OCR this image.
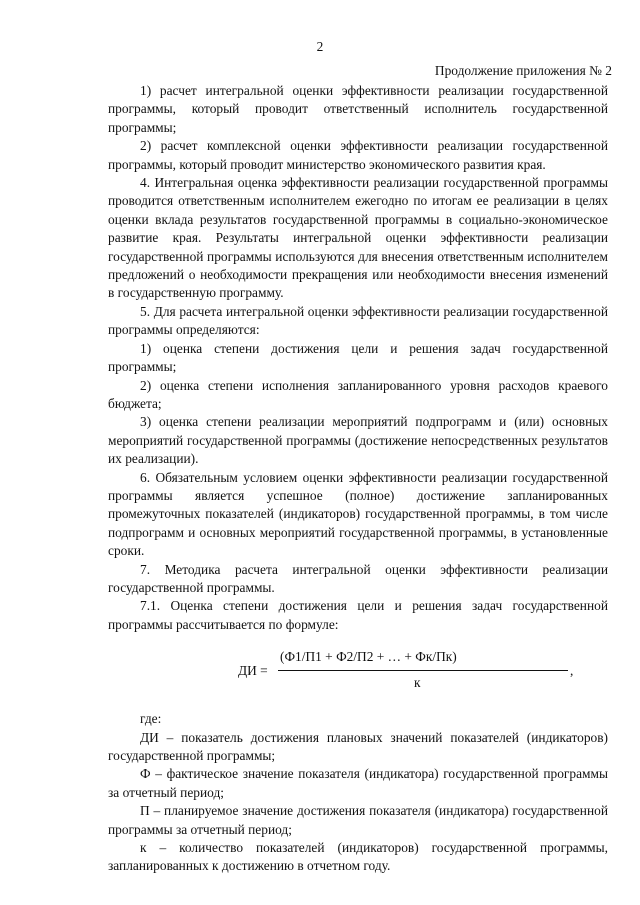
2
Продолжение приложения № 2

1) расчет интегральной оценки эффективности реализации государственной программы, который проводит ответственный исполнитель государственной программы;

2) расчет комплексной оценки эффективности реализации государственной программы, который проводит министерство экономического развития края.

4. Интегральная оценка эффективности реализации государственной программы проводится ответственным исполнителем ежегодно по итогам ее реализации в целях оценки вклада результатов государственной программы в социально-экономическое развитие края. Результаты интегральной оценки эффективности реализации государственной программы используются для внесения ответственным исполнителем предложений о необходимости прекращения или необходимости внесения изменений в государственную программу.

5. Для расчета интегральной оценки эффективности реализации государственной программы определяются:

1) оценка степени достижения цели и решения задач государственной программы;

2) оценка степени исполнения запланированного уровня расходов краевого бюджета;

3) оценка степени реализации мероприятий подпрограмм и (или) основных мероприятий государственной программы (достижение непосредственных результатов их реализации).

6. Обязательным условием оценки эффективности реализации государственной программы является успешное (полное) достижение запланированных промежуточных показателей (индикаторов) государственной программы, в том числе подпрограмм и основных мероприятий государственной программы, в установленные сроки.

7. Методика расчета интегральной оценки эффективности реализации государственной программы.

7.1. Оценка степени достижения цели и решения задач государственной программы рассчитывается по формуле:

ДИ =
(Ф1/П1 + Ф2/П2 + … + Фк/Пк)
к
,

где:

ДИ – показатель достижения плановых значений показателей (индикаторов) государственной программы;

Ф – фактическое значение показателя (индикатора) государственной программы за отчетный период;

П – планируемое значение достижения показателя (индикатора) государственной программы за отчетный период;

к – количество показателей (индикаторов) государственной программы, запланированных к достижению в отчетном году.
